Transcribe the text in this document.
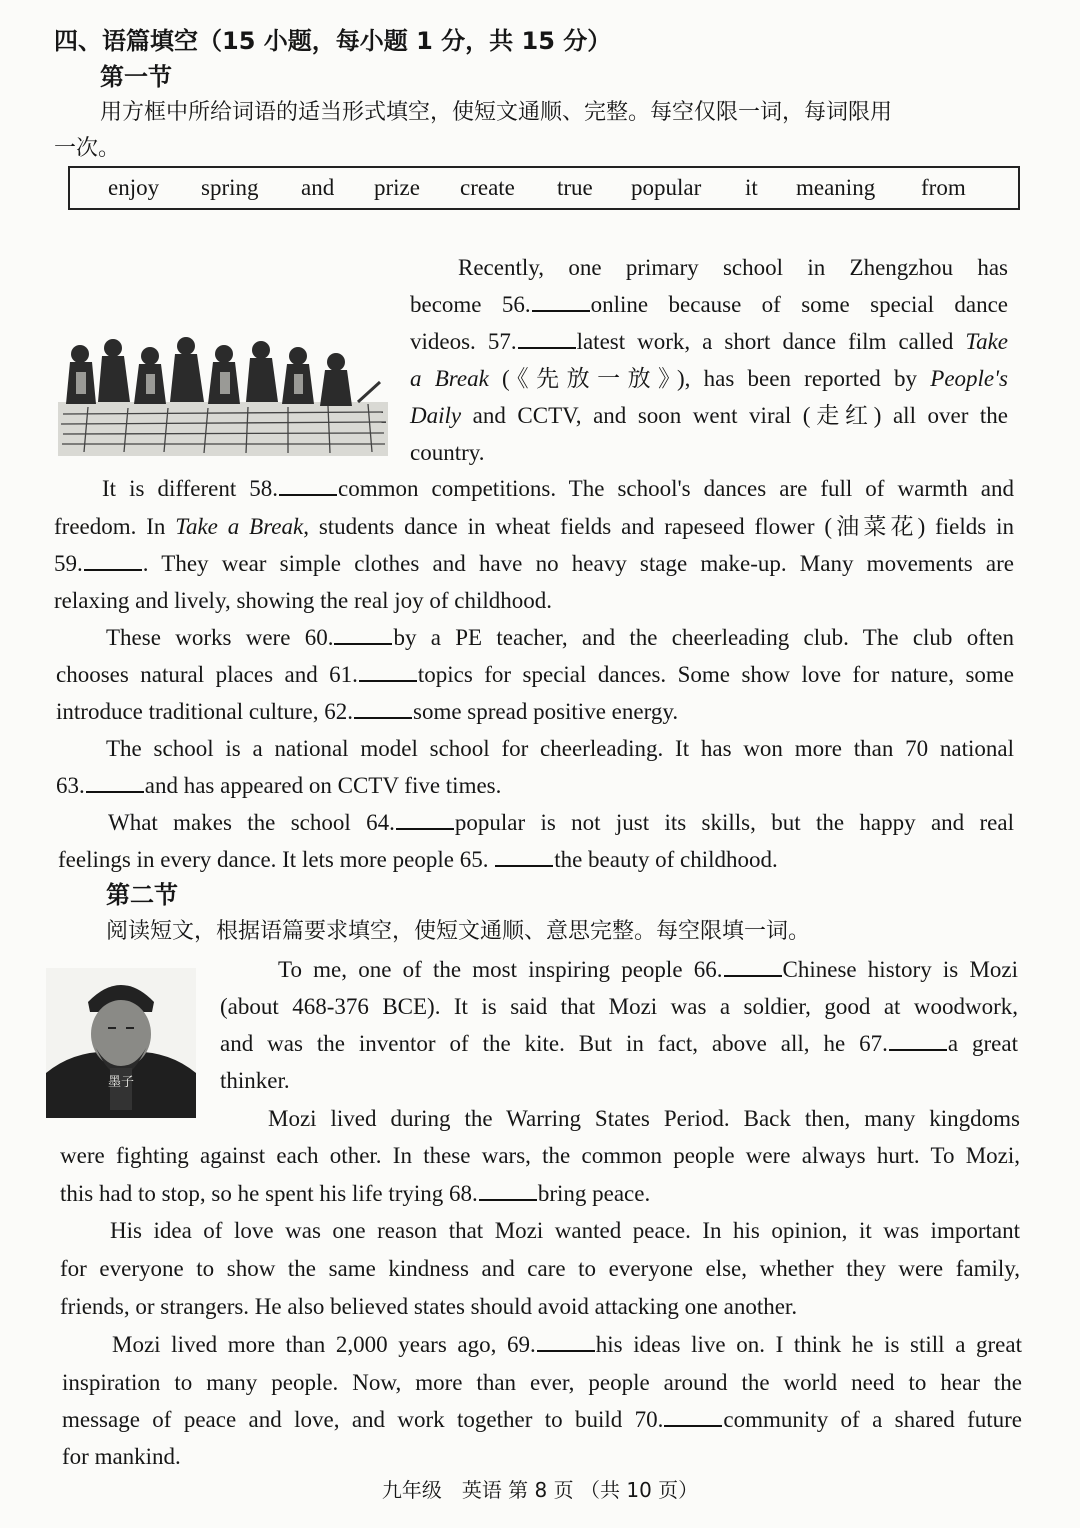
四、语篇填空（15 小题，每小题 1 分，共 15 分）
第一节
用方框中所给词语的适当形式填空，使短文通顺、完整。每空仅限一词，每词限用
一次。
enjoy spring and prize create true popular it meaning from
Recently, one primary school in Zhengzhou has
become 56.	online because of some special dance
videos. 57.	latest work, a short dance film called Take
a Break (《先放一放》), has been reported by People's
Daily and CCTV, and soon went viral (走红) all over the
country.
It is different 58.	common competitions. The school's dances are full of warmth and
freedom. In Take a Break, students dance in wheat fields and rapeseed flower (油菜花) fields in
59.	. They wear simple clothes and have no heavy stage make-up. Many movements are
relaxing and lively, showing the real joy of childhood.
These works were 60.	by a PE teacher, and the cheerleading club. The club often
chooses natural places and 61.	topics for special dances. Some show love for nature, some
introduce traditional culture, 62.	some spread positive energy.
The school is a national model school for cheerleading. It has won more than 70 national
63.	and has appeared on CCTV five times.
What makes the school 64.	popular is not just its skills, but the happy and real
feelings in every dance. It lets more people 65.	the beauty of childhood.
第二节
阅读短文，根据语篇要求填空，使短文通顺、意思完整。每空限填一词。
墨子
To me, one of the most inspiring people 66.	Chinese history is Mozi
(about 468-376 BCE). It is said that Mozi was a soldier, good at woodwork,
and was the inventor of the kite. But in fact, above all, he 67.	a great
thinker.
Mozi lived during the Warring States Period. Back then, many kingdoms
were fighting against each other. In these wars, the common people were always hurt. To Mozi,
this had to stop, so he spent his life trying 68.	bring peace.
His idea of love was one reason that Mozi wanted peace. In his opinion, it was important
for everyone to show the same kindness and care to everyone else, whether they were family,
friends, or strangers. He also believed states should avoid attacking one another.
Mozi lived more than 2,000 years ago, 69.	his ideas live on. I think he is still a great
inspiration to many people. Now, more than ever, people around the world need to hear the
message of peace and love, and work together to build 70.	community of a shared future
for mankind.
九年级　英语 第 8 页 （共 10 页）
